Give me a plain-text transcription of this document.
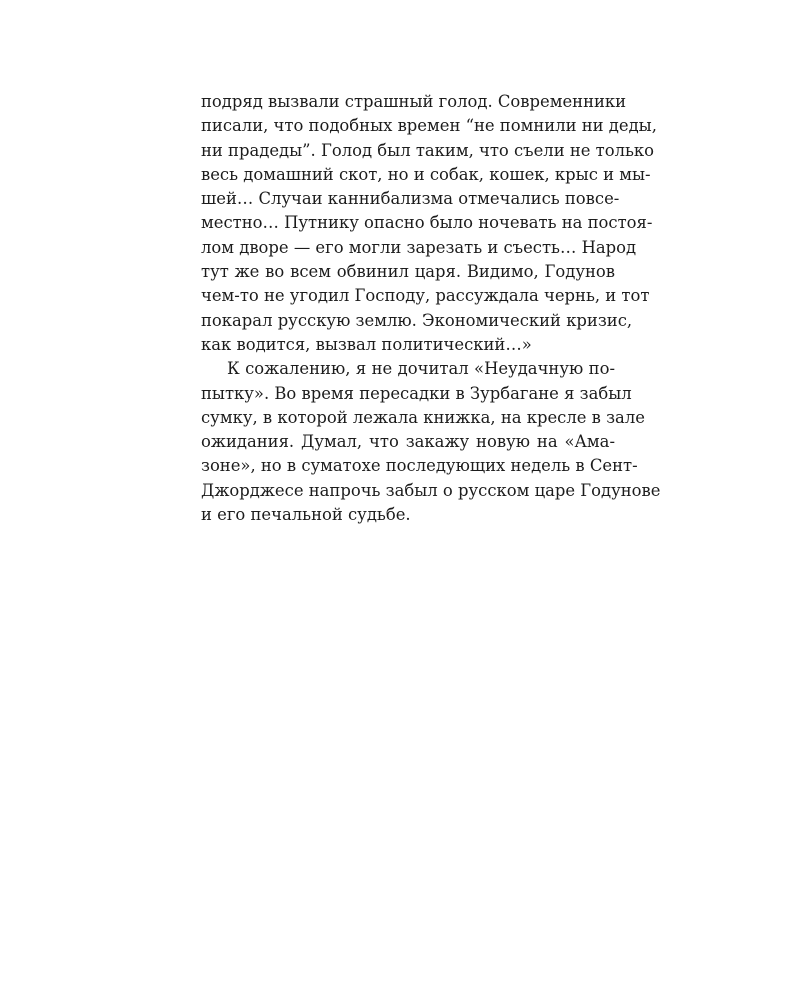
подряд вызвали страшный голод. Современники
писали, что подобных времен “не помнили ни деды,
ни прадеды”. Голод был таким, что съели не только
весь домашний скот, но и собак, кошек, крыс и мы-
шей… Случаи каннибализма отмечались повсе-
местно… Путнику опасно было ночевать на постоя-
лом дворе — его могли зарезать и съесть… Народ
тут же во всем обвинил царя. Видимо, Годунов
чем-то не угодил Господу, рассуждала чернь, и тот
покарал русскую землю. Экономический кризис,
как водится, вызвал политический…»
К сожалению, я не дочитал «Неудачную по-
пытку». Во время пересадки в Зурбагане я забыл
сумку, в которой лежала книжка, на кресле в зале
ожидания. Думал, что закажу новую на «Ама-
зоне», но в суматохе последующих недель в Сент-
Джорджесе напрочь забыл о русском царе Годунове
и его печальной судьбе.
